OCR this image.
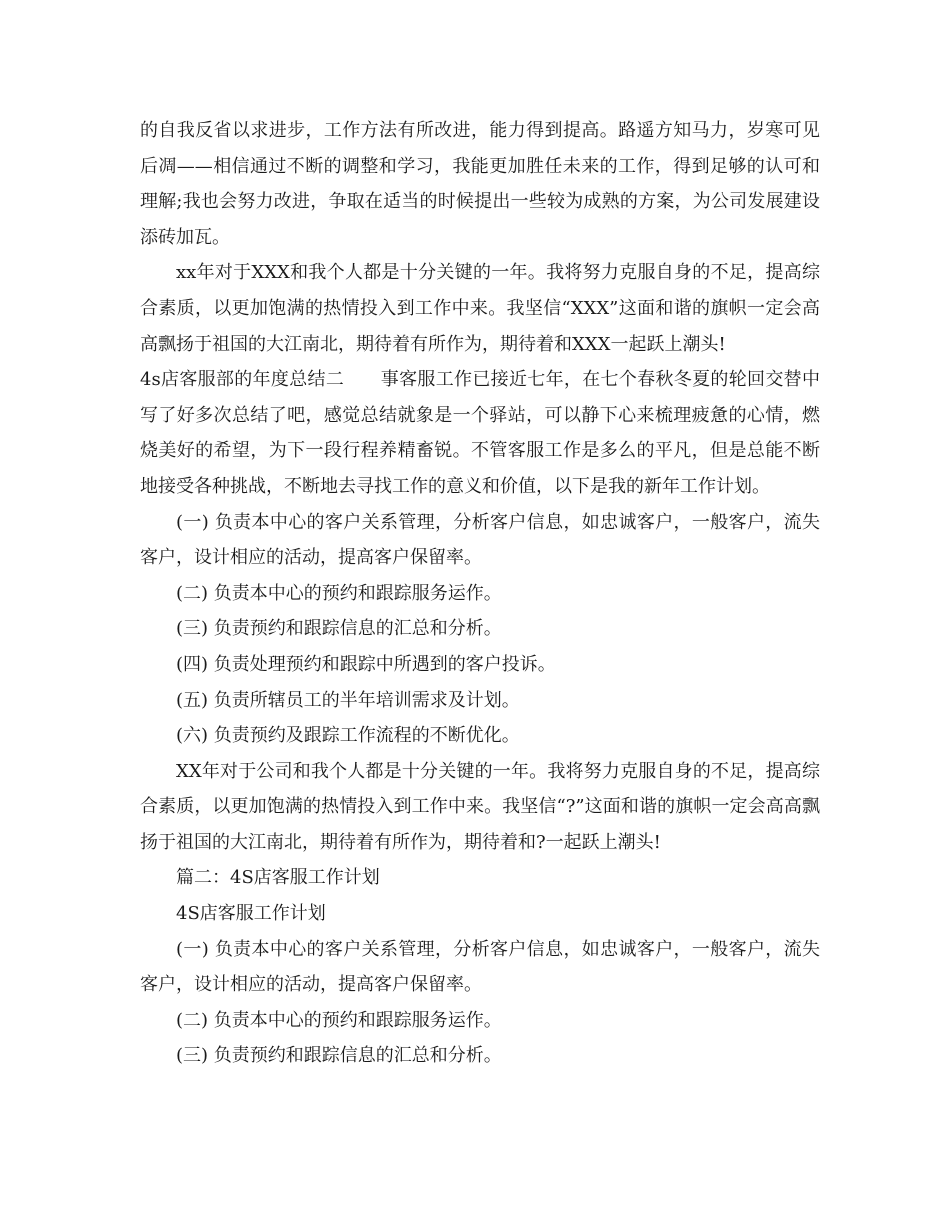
的自我反省以求进步，工作方法有所改进，能力得到提高。路遥方知马力，岁寒可见后凋——相信通过不断的调整和学习，我能更加胜任未来的工作，得到足够的认可和理解;我也会努力改进，争取在适当的时候提出一些较为成熟的方案，为公司发展建设添砖加瓦。

xx年对于XXX和我个人都是十分关键的一年。我将努力克服自身的不足，提高综合素质，以更加饱满的热情投入到工作中来。我坚信“XXX”这面和谐的旗帜一定会高高飘扬于祖国的大江南北，期待着有所作为，期待着和XXX一起跃上潮头!

4s店客服部的年度总结二　　事客服工作已接近七年，在七个春秋冬夏的轮回交替中写了好多次总结了吧，感觉总结就象是一个驿站，可以静下心来梳理疲惫的心情，燃烧美好的希望，为下一段行程养精畜锐。不管客服工作是多么的平凡，但是总能不断地接受各种挑战，不断地去寻找工作的意义和价值，以下是我的新年工作计划。

(一) 负责本中心的客户关系管理，分析客户信息，如忠诚客户，一般客户，流失客户，设计相应的活动，提高客户保留率。

(二) 负责本中心的预约和跟踪服务运作。

(三) 负责预约和跟踪信息的汇总和分析。

(四) 负责处理预约和跟踪中所遇到的客户投诉。

(五) 负责所辖员工的半年培训需求及计划。

(六) 负责预约及跟踪工作流程的不断优化。

XX年对于公司和我个人都是十分关键的一年。我将努力克服自身的不足，提高综合素质，以更加饱满的热情投入到工作中来。我坚信“?”这面和谐的旗帜一定会高高飘扬于祖国的大江南北，期待着有所作为，期待着和?一起跃上潮头!

篇二：4S店客服工作计划

4S店客服工作计划

(一) 负责本中心的客户关系管理，分析客户信息，如忠诚客户，一般客户，流失客户，设计相应的活动，提高客户保留率。

(二) 负责本中心的预约和跟踪服务运作。

(三) 负责预约和跟踪信息的汇总和分析。
